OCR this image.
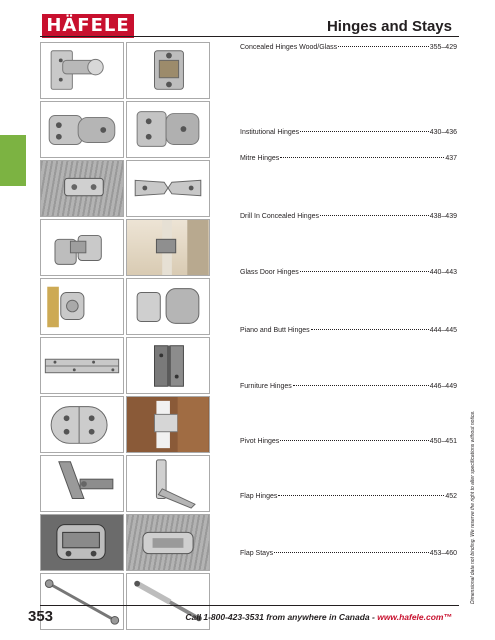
HÄFELE	Hinges and Stays
Concealed Hinges Wood/Glass	355–429
Institutional Hinges	430–436
Mitre Hinges	437
Drill In Concealed Hinges	438–439
Glass Door Hinges	440–443
Piano and Butt Hinges	444–445
Furniture Hinges	446–449
Pivot Hinges	450–451
Flap Hinges	452
Flap Stays	453–460	Dimensional data not binding. We reserve the right to alter specifications without notice.
353	Call 1-800-423-3531 from anywhere in Canada - www.hafele.com™
